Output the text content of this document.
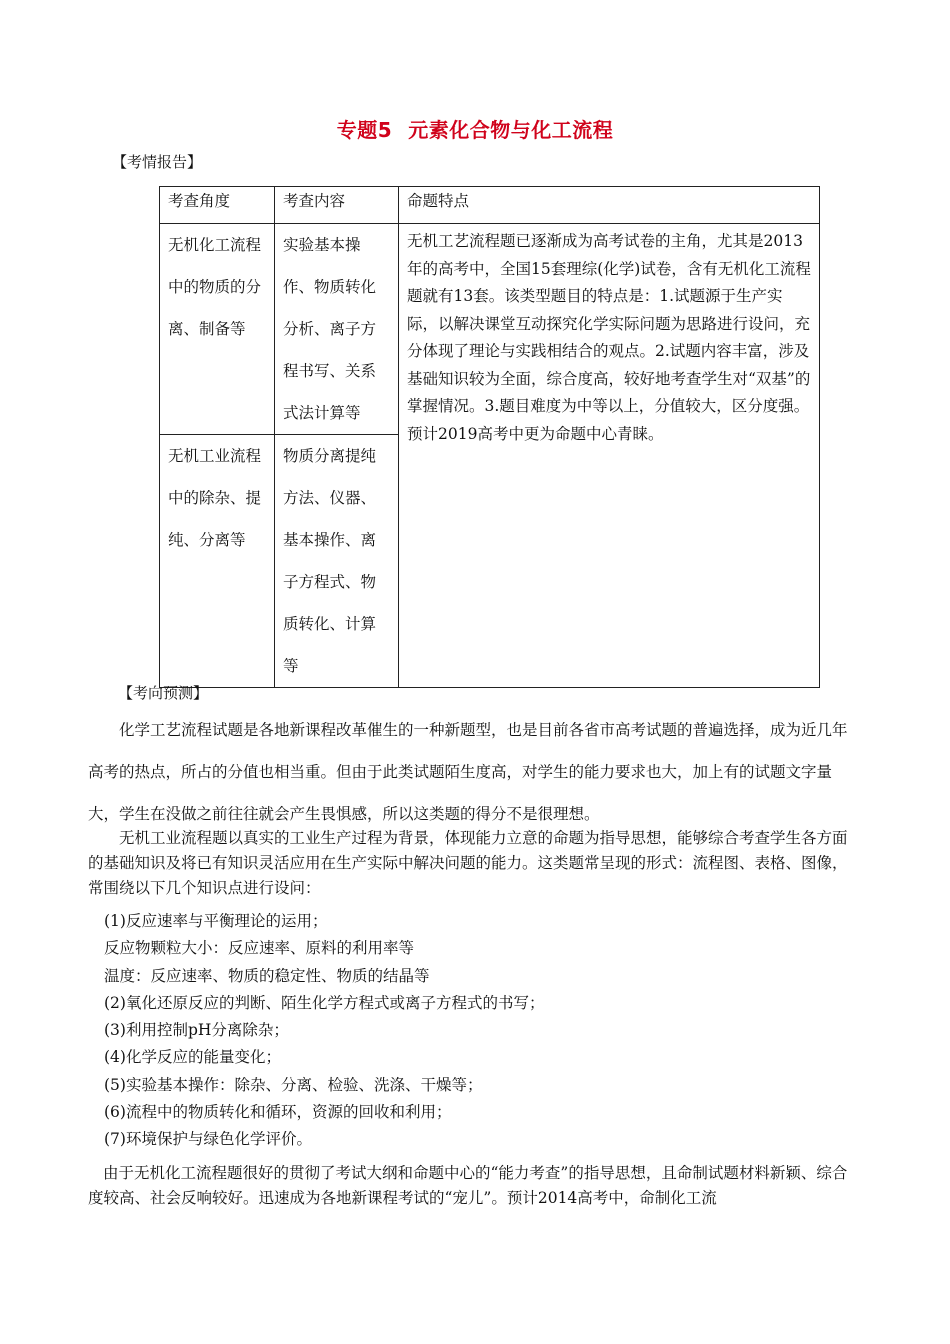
专题5 元素化合物与化工流程
【考情报告】
考查角度	考查内容	命题特点
无机化工流程中的物质的分离、制备等	实验基本操作、物质转化分析、离子方程书写、关系式法计算等	无机工艺流程题已逐渐成为高考试卷的主角，尤其是2013年的高考中，全国15套理综(化学)试卷，含有无机化工流程题就有13套。该类型题目的特点是：1.试题源于生产实际，以解决课堂互动探究化学实际问题为思路进行设问，充分体现了理论与实践相结合的观点。2.试题内容丰富，涉及基础知识较为全面，综合度高，较好地考查学生对“双基”的掌握情况。3.题目难度为中等以上，分值较大，区分度强。预计2019高考中更为命题中心青睐。
无机工业流程中的除杂、提纯、分离等	物质分离提纯方法、仪器、基本操作、离子方程式、物质转化、计算等	
【考向预测】
化学工艺流程试题是各地新课程改革催生的一种新题型，也是目前各省市高考试题的普遍选择，成为近几年高考的热点，所占的分值也相当重。但由于此类试题陌生度高，对学生的能力要求也大，加上有的试题文字量大，学生在没做之前往往就会产生畏惧感，所以这类题的得分不是很理想。
无机工业流程题以真实的工业生产过程为背景，体现能力立意的命题为指导思想，能够综合考查学生各方面的基础知识及将已有知识灵活应用在生产实际中解决问题的能力。这类题常呈现的形式：流程图、表格、图像，常围绕以下几个知识点进行设问：
(1)反应速率与平衡理论的运用；
反应物颗粒大小：反应速率、原料的利用率等
温度：反应速率、物质的稳定性、物质的结晶等
(2)氧化还原反应的判断、陌生化学方程式或离子方程式的书写；
(3)利用控制pH分离除杂；
(4)化学反应的能量变化；
(5)实验基本操作：除杂、分离、检验、洗涤、干燥等；
(6)流程中的物质转化和循环，资源的回收和利用；
(7)环境保护与绿色化学评价。
由于无机化工流程题很好的贯彻了考试大纲和命题中心的“能力考查”的指导思想，且命制试题材料新颖、综合度较高、社会反响较好。迅速成为各地新课程考试的“宠儿”。预计2014高考中，命制化工流
